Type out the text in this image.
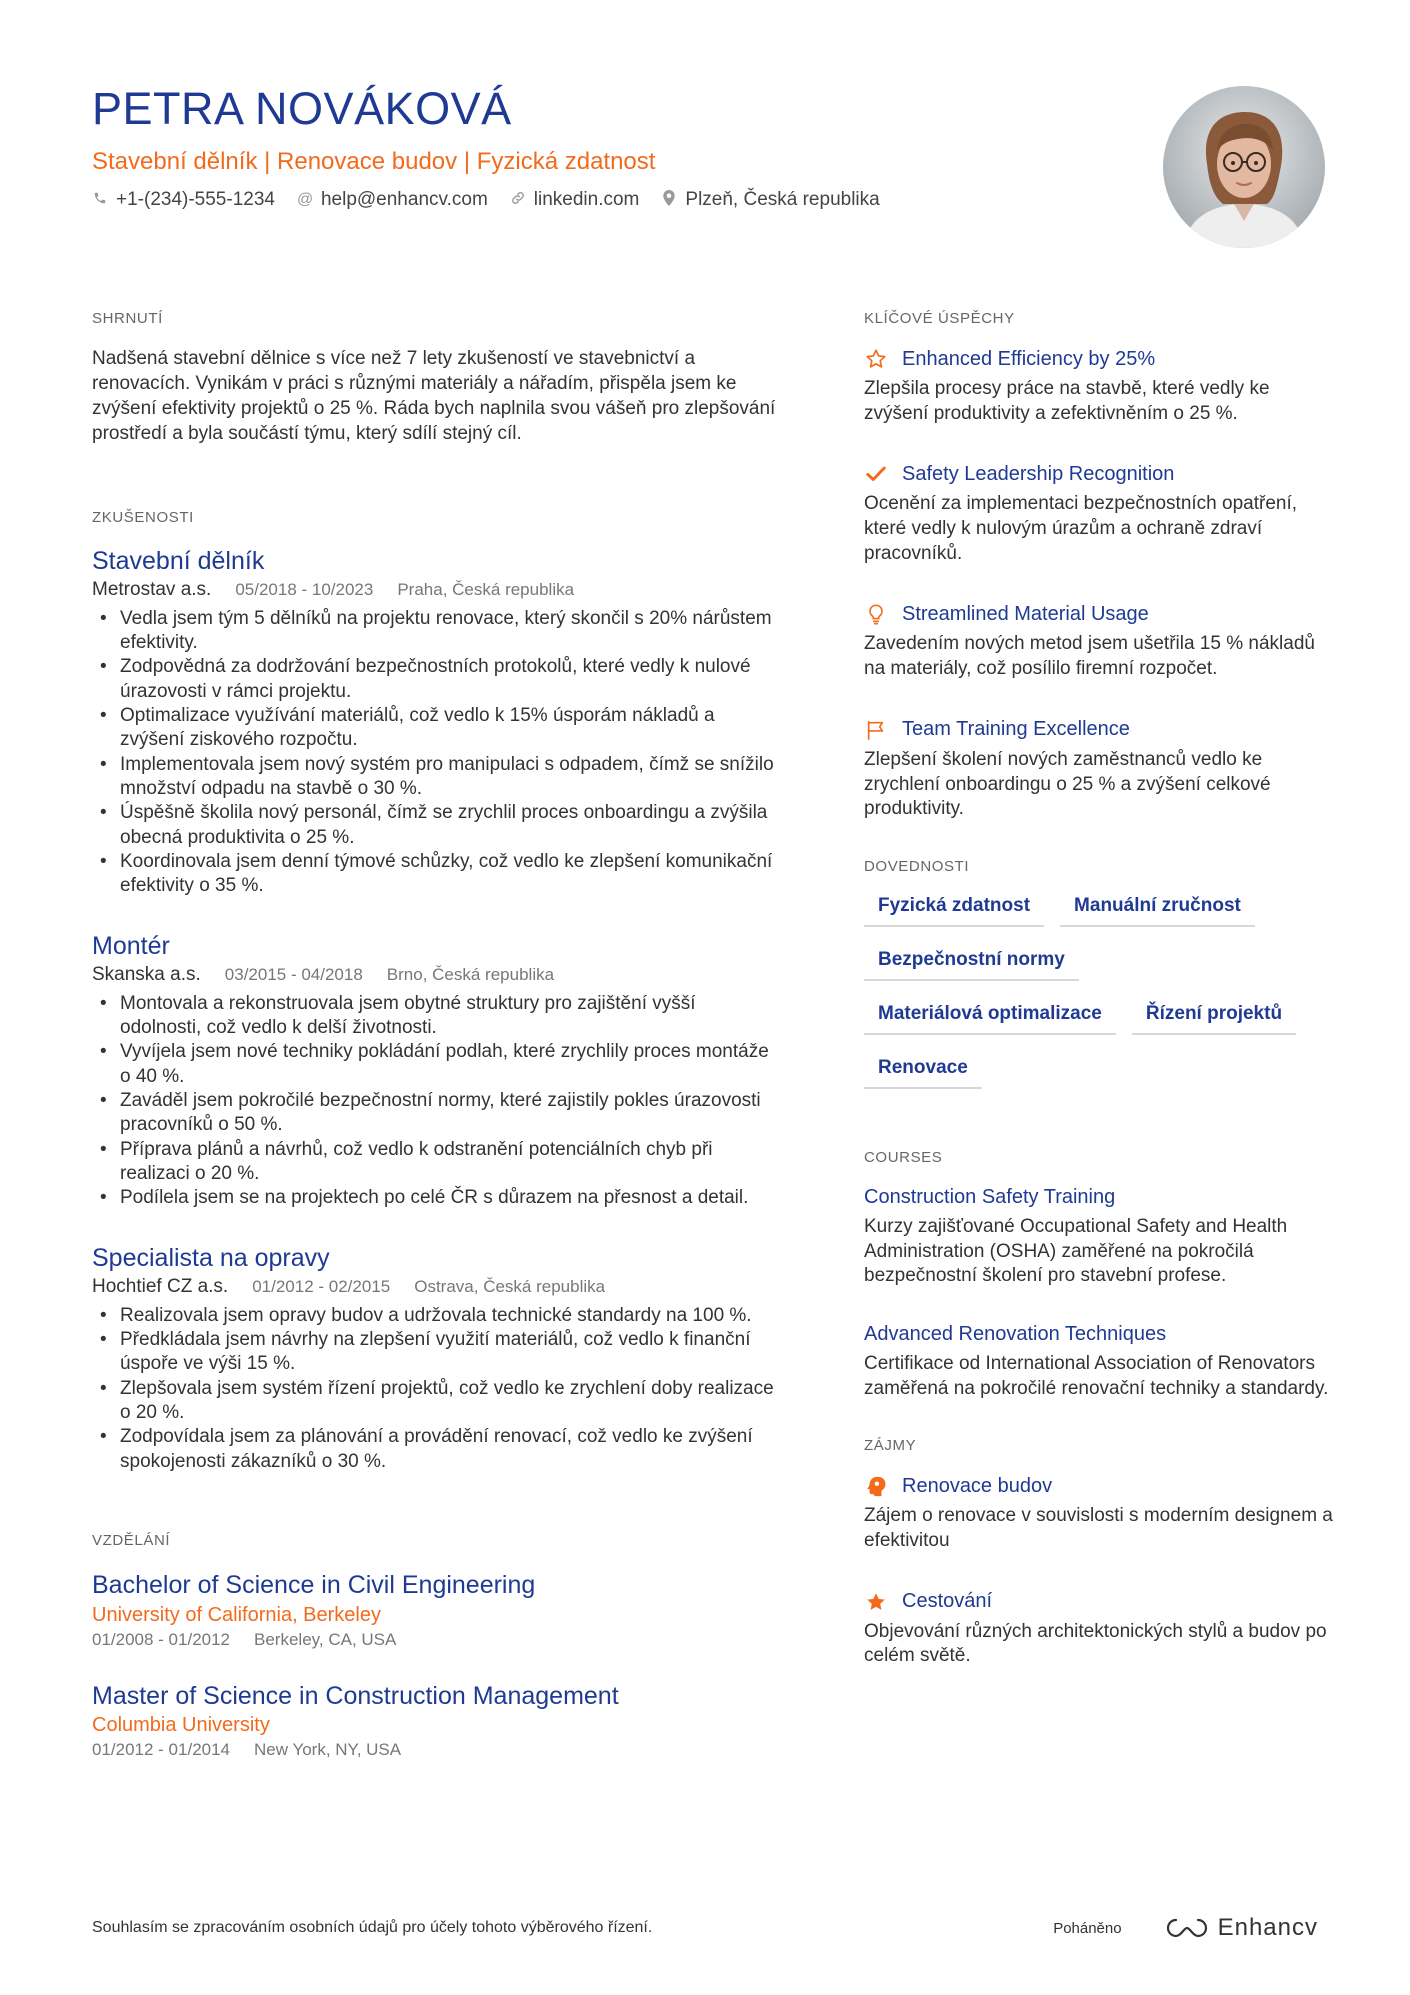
PETRA NOVÁKOVÁ
Stavební dělník | Renovace budov | Fyzická zdatnost
+1-(234)-555-1234 @ help@enhancv.com linkedin.com Plzeň, Česká republika
SHRNUTÍ

Nadšená stavební dělnice s více než 7 lety zkušeností ve stavebnictví a renovacích. Vynikám v práci s různými materiály a nářadím, přispěla jsem ke zvýšení efektivity projektů o 25 %. Ráda bych naplnila svou vášeň pro zlepšování prostředí a byla součástí týmu, který sdílí stejný cíl.

ZKUŠENOSTI
Stavební dělník
Metrostav a.s. 05/2018 - 10/2023 Praha, Česká republika
• Vedla jsem tým 5 dělníků na projektu renovace, který skončil s 20% nárůstem efektivity.
• Zodpovědná za dodržování bezpečnostních protokolů, které vedly k nulové úrazovosti v rámci projektu.
• Optimalizace využívání materiálů, což vedlo k 15% úsporám nákladů a zvýšení ziskového rozpočtu.
• Implementovala jsem nový systém pro manipulaci s odpadem, čímž se snížilo množství odpadu na stavbě o 30 %.
• Úspěšně školila nový personál, čímž se zrychlil proces onboardingu a zvýšila obecná produktivita o 25 %.
• Koordinovala jsem denní týmové schůzky, což vedlo ke zlepšení komunikační efektivity o 35 %.
Montér
Skanska a.s. 03/2015 - 04/2018 Brno, Česká republika
• Montovala a rekonstruovala jsem obytné struktury pro zajištění vyšší odolnosti, což vedlo k delší životnosti.
• Vyvíjela jsem nové techniky pokládání podlah, které zrychlily proces montáže o 40 %.
• Zaváděl jsem pokročilé bezpečnostní normy, které zajistily pokles úrazovosti pracovníků o 50 %.
• Příprava plánů a návrhů, což vedlo k odstranění potenciálních chyb při realizaci o 20 %.
• Podílela jsem se na projektech po celé ČR s důrazem na přesnost a detail.
Specialista na opravy
Hochtief CZ a.s. 01/2012 - 02/2015 Ostrava, Česká republika
• Realizovala jsem opravy budov a udržovala technické standardy na 100 %.
• Předkládala jsem návrhy na zlepšení využití materiálů, což vedlo k finanční úspoře ve výši 15 %.
• Zlepšovala jsem systém řízení projektů, což vedlo ke zrychlení doby realizace o 20 %.
• Zodpovídala jsem za plánování a provádění renovací, což vedlo ke zvýšení spokojenosti zákazníků o 30 %.
VZDĚLÁNÍ
Bachelor of Science in Civil Engineering
University of California, Berkeley
01/2008 - 01/2012 Berkeley, CA, USA
Master of Science in Construction Management
Columbia University
01/2012 - 01/2014 New York, NY, USA
KLÍČOVÉ ÚSPĚCHY
Enhanced Efficiency by 25%
Zlepšila procesy práce na stavbě, které vedly ke zvýšení produktivity a zefektivněním o 25 %.
Safety Leadership Recognition
Ocenění za implementaci bezpečnostních opatření, které vedly k nulovým úrazům a ochraně zdraví pracovníků.
Streamlined Material Usage
Zavedením nových metod jsem ušetřila 15 % nákladů na materiály, což posílilo firemní rozpočet.
Team Training Excellence
Zlepšení školení nových zaměstnanců vedlo ke zrychlení onboardingu o 25 % a zvýšení celkové produktivity.
DOVEDNOSTI
Fyzická zdatnost	Manuální zručnost
Bezpečnostní normy
Materiálová optimalizace	Řízení projektů
Renovace
COURSES
Construction Safety Training
Kurzy zajišťované Occupational Safety and Health Administration (OSHA) zaměřené na pokročilá bezpečnostní školení pro stavební profese.
Advanced Renovation Techniques
Certifikace od International Association of Renovators zaměřená na pokročilé renovační techniky a standardy.
ZÁJMY
Renovace budov
Zájem o renovace v souvislosti s moderním designem a efektivitou
Cestování
Objevování různých architektonických stylů a budov po celém světě.
Souhlasím se zpracováním osobních údajů pro účely tohoto výběrového řízení.	Poháněno	Enhancv
